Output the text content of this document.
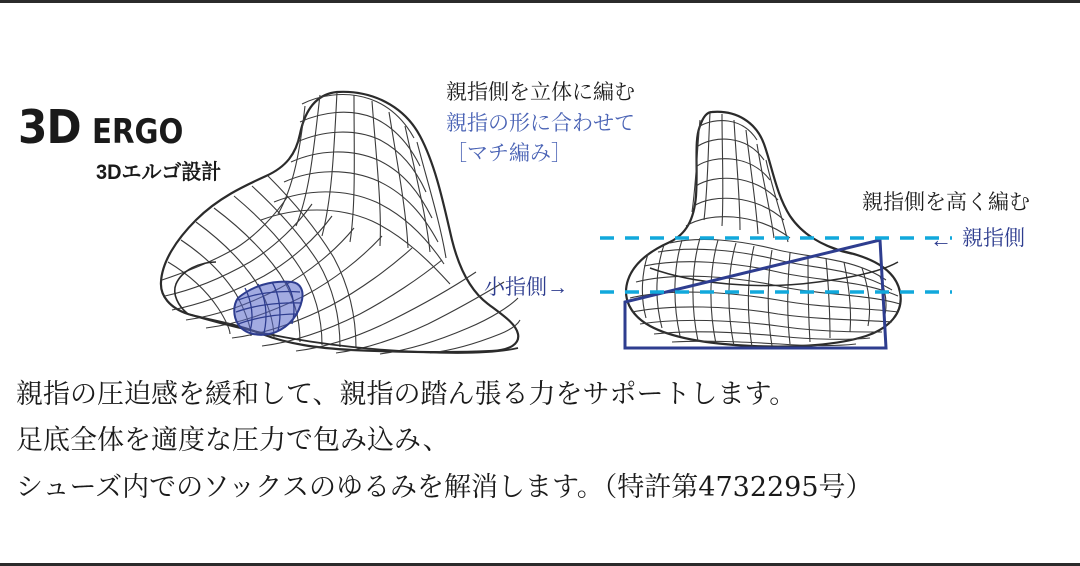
3D ERGO
3Dエルゴ設計
親指側を立体に編む
親指の形に合わせて
［マチ編み］
親指側を高く編む
← 親指側
小指側→

親指の圧迫感を緩和して、親指の踏ん張る力をサポートします。

足底全体を適度な圧力で包み込み、

シューズ内でのソックスのゆるみを解消します。（特許第4732295号）
